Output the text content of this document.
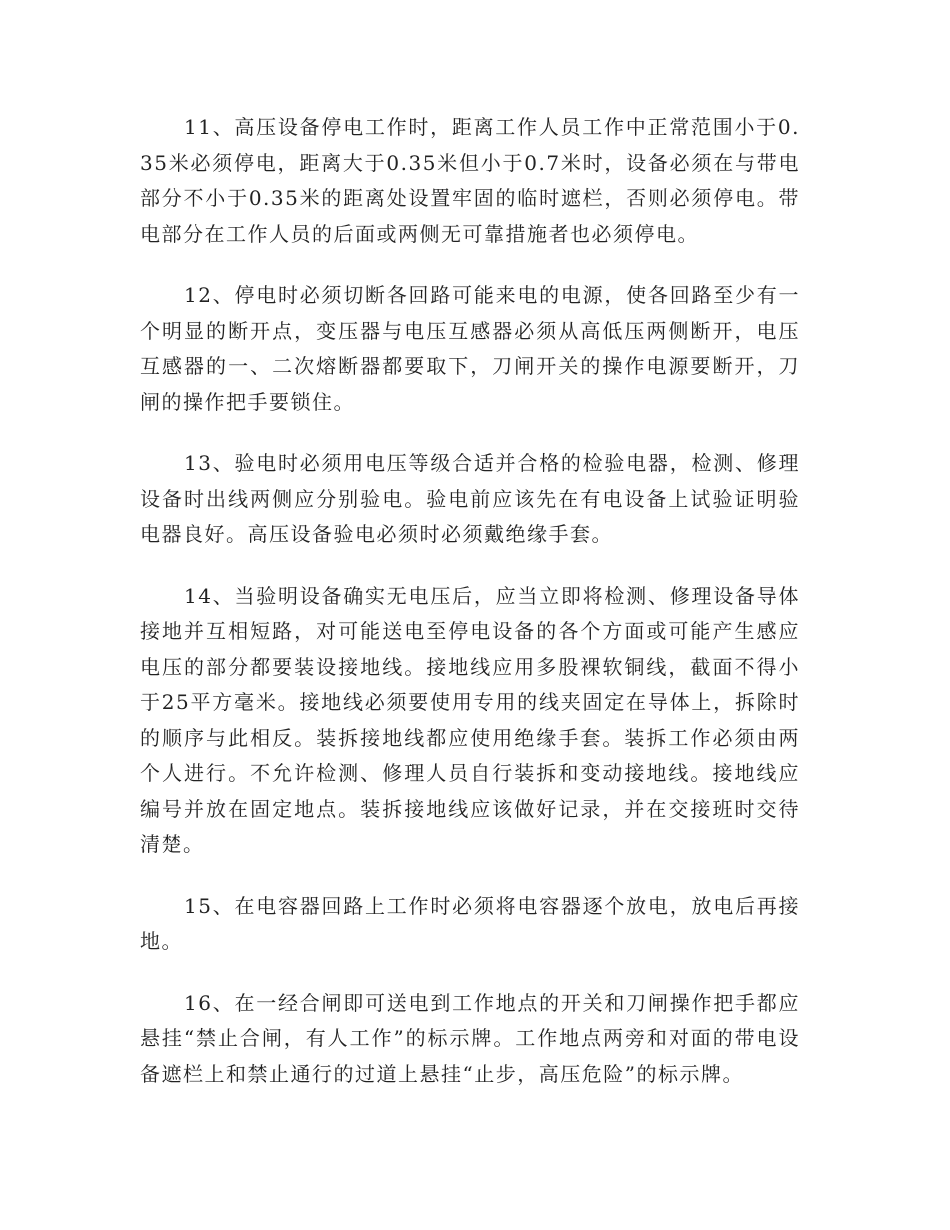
11、高压设备停电工作时，距离工作人员工作中正常范围小于0.35米必须停电，距离大于0.35米但小于0.7米时，设备必须在与带电部分不小于0.35米的距离处设置牢固的临时遮栏，否则必须停电。带电部分在工作人员的后面或两侧无可靠措施者也必须停电。

12、停电时必须切断各回路可能来电的电源，使各回路至少有一个明显的断开点，变压器与电压互感器必须从高低压两侧断开，电压互感器的一、二次熔断器都要取下，刀闸开关的操作电源要断开，刀闸的操作把手要锁住。

13、验电时必须用电压等级合适并合格的检验电器，检测、修理设备时出线两侧应分别验电。验电前应该先在有电设备上试验证明验电器良好。高压设备验电必须时必须戴绝缘手套。

14、当验明设备确实无电压后，应当立即将检测、修理设备导体接地并互相短路，对可能送电至停电设备的各个方面或可能产生感应电压的部分都要装设接地线。接地线应用多股裸软铜线，截面不得小于25平方毫米。接地线必须要使用专用的线夹固定在导体上，拆除时的顺序与此相反。装拆接地线都应使用绝缘手套。装拆工作必须由两个人进行。不允许检测、修理人员自行装拆和变动接地线。接地线应编号并放在固定地点。装拆接地线应该做好记录，并在交接班时交待清楚。

15、在电容器回路上工作时必须将电容器逐个放电，放电后再接地。

16、在一经合闸即可送电到工作地点的开关和刀闸操作把手都应悬挂“禁止合闸，有人工作”的标示牌。工作地点两旁和对面的带电设备遮栏上和禁止通行的过道上悬挂“止步，高压危险”的标示牌。
